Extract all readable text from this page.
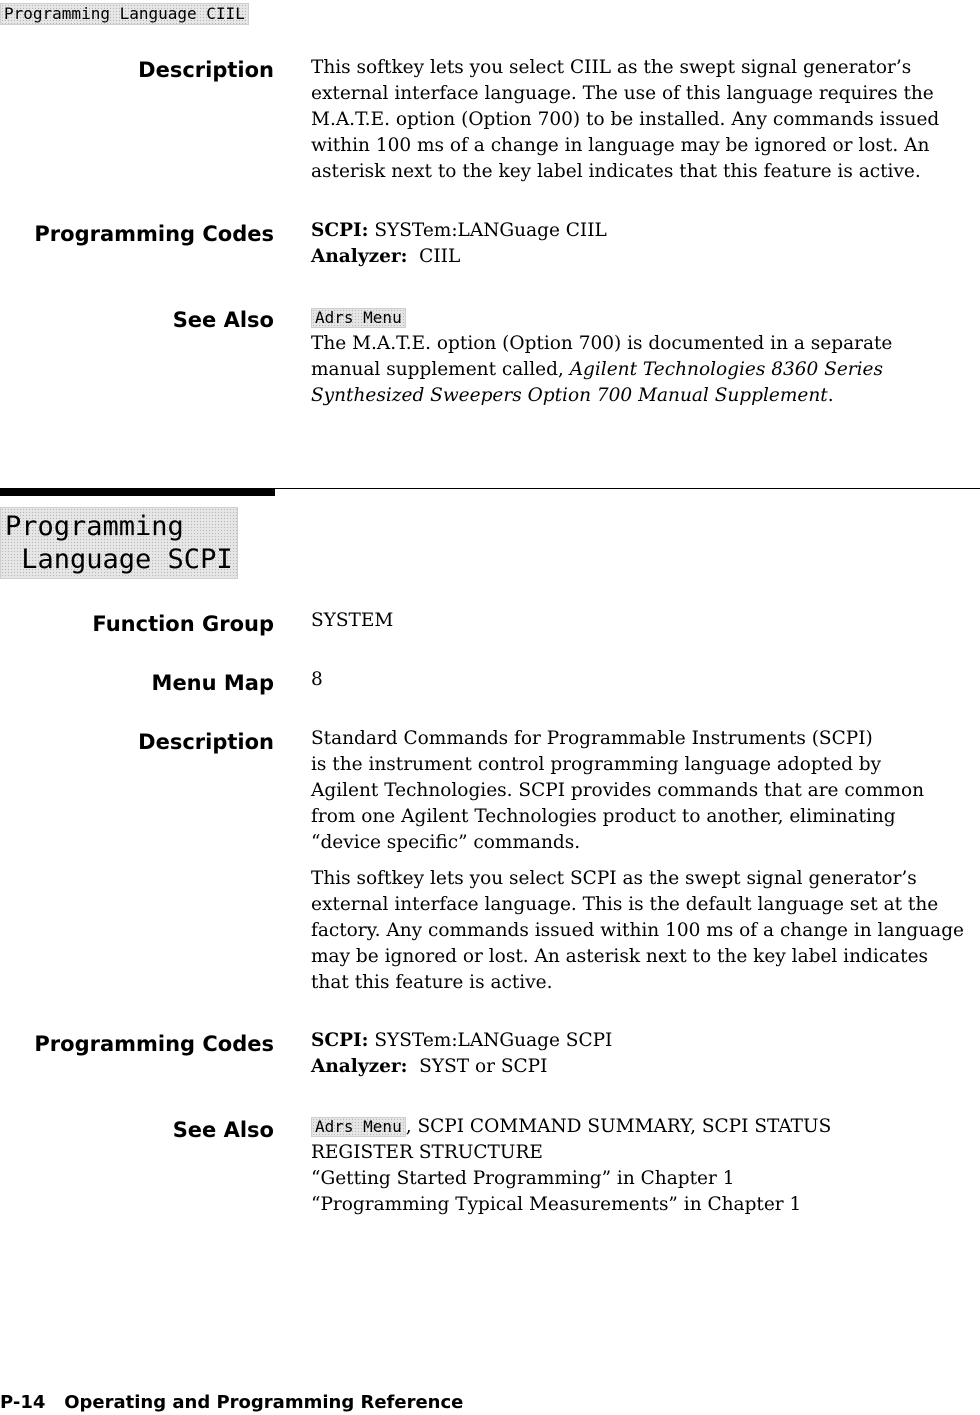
Programming Language CIIL
Description This softkey lets you select CIIL as the swept signal generator’s

external interface language. The use of this language requires the

M.A.T.E. option (Option 700) to be installed. Any commands issued

within 100 ms of a change in language may be ignored or lost. An

asterisk next to the key label indicates that this feature is active.

Programming Codes SCPI: SYSTem:LANGuage CIIL

Analyzer:  CIIL

See Also	Adrs Menu

The M.A.T.E. option (Option 700) is documented in a separate

manual supplement called, Agilent Technologies 8360 Series

Synthesized Sweepers Option 700 Manual Supplement.

Programming
Language SCPI
Function Group SYSTEM
Menu Map 8
Description Standard Commands for Programmable Instruments (SCPI)

is the instrument control programming language adopted by

Agilent Technologies. SCPI provides commands that are common

from one Agilent Technologies product to another, eliminating

“device specific” commands.

This softkey lets you select SCPI as the swept signal generator’s

external interface language. This is the default language set at the

factory. Any commands issued within 100 ms of a change in language

may be ignored or lost. An asterisk next to the key label indicates

that this feature is active.

Programming Codes SCPI: SYSTem:LANGuage SCPI

Analyzer:  SYST or SCPI

See Also	Adrs Menu , SCPI COMMAND SUMMARY, SCPI STATUS

REGISTER STRUCTURE

“Getting Started Programming” in Chapter 1

“Programming Typical Measurements” in Chapter 1

P-14 Operating and Programming Reference
